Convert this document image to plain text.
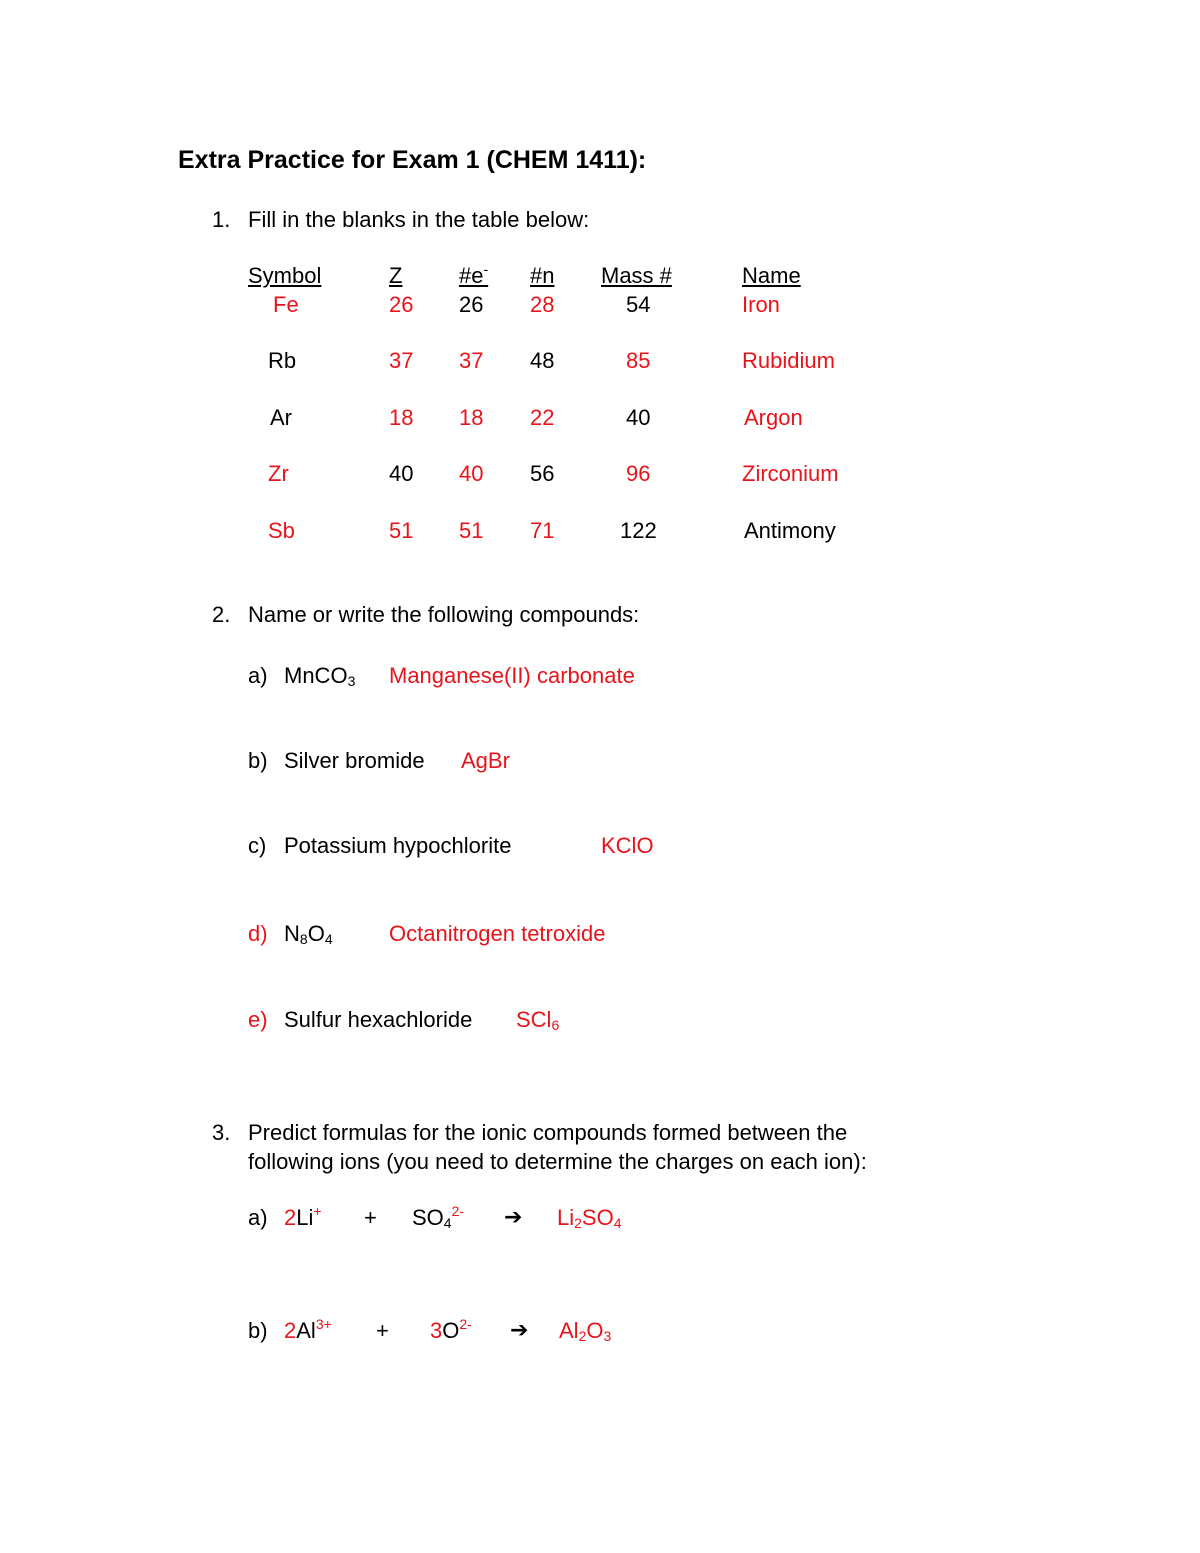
Extra Practice for Exam 1 (CHEM 1411):
1. Fill in the blanks in the table below:
Symbol	Z	#e- #n Mass #	Name
Fe	26 26 28	54	Iron
Rb	37 37 48	85	Rubidium
Ar	18 18 22	40	Argon
Zr	40 40 56	96	Zirconium
Sb	51 51 71	122	Antimony
2. Name or write the following compounds:
a) MnCO$_3$ Manganese(II) carbonate
b) Silver bromide AgBr
c) Potassium hypochlorite	KClO
d) $N_8O_4$	Octanitrogen tetroxide
e) Sulfur hexachloride SCl$_6$
3. Predict formulas for the ionic compounds formed between the
following ions (you need to determine the charges on each ion):
a) $2Li^+ + SO_4^{2-}$ ➔ $Li_2SO_4$
b) $2Al^{3+} + 3O^{2-}$ ➔ $Al_2O_3$
